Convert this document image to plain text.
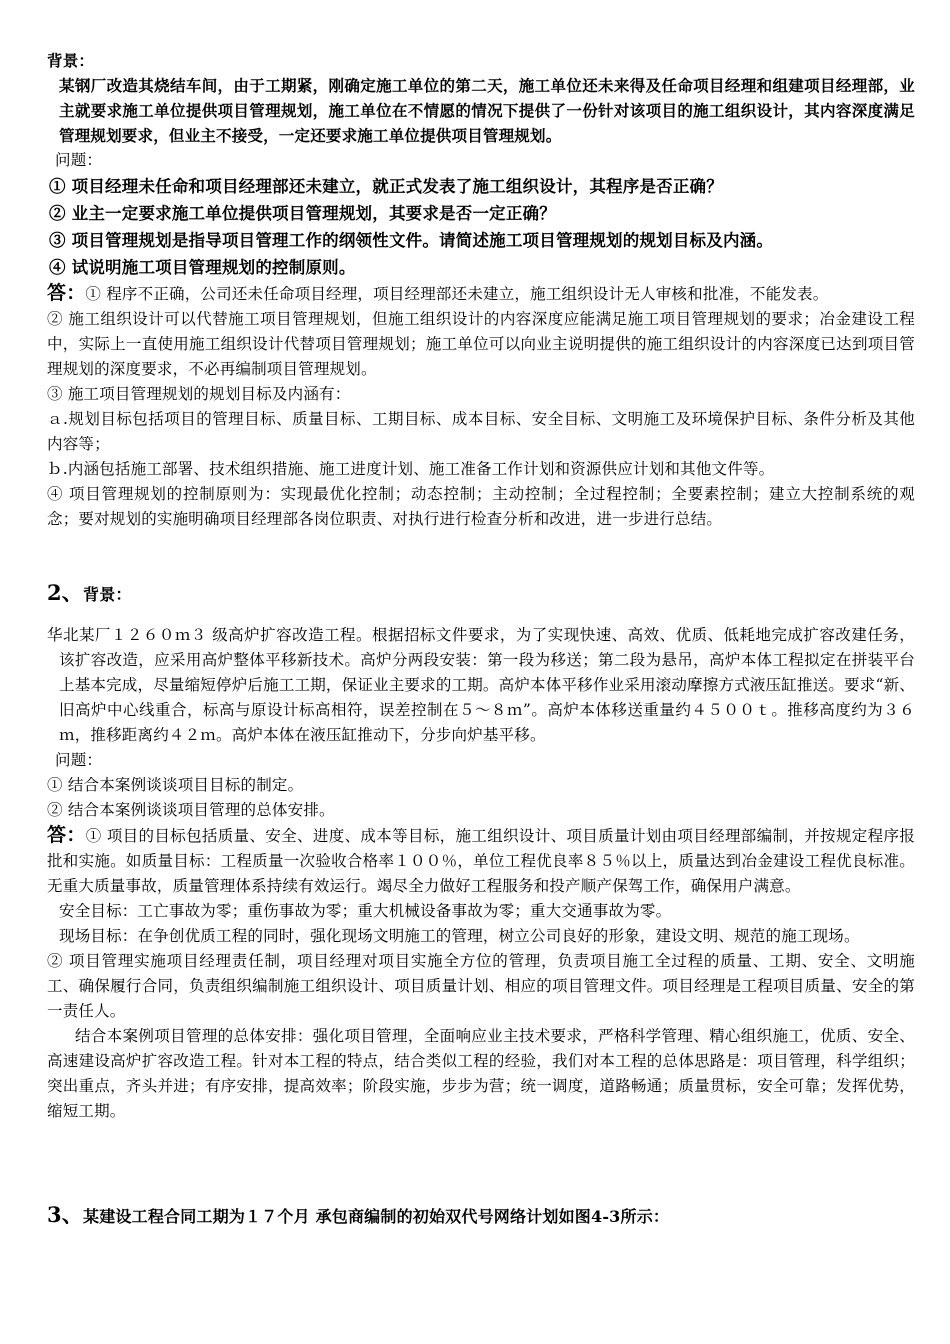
背景：

某钢厂改造其烧结车间，由于工期紧，刚确定施工单位的第二天，施工单位还未来得及任命项目经理和组建项目经理部，业主就要求施工单位提供项目管理规划，施工单位在不情愿的情况下提供了一份针对该项目的施工组织设计，其内容深度满足管理规划要求，但业主不接受，一定还要求施工单位提供项目管理规划。

问题：

① 项目经理未任命和项目经理部还未建立，就正式发表了施工组织设计，其程序是否正确？

② 业主一定要求施工单位提供项目管理规划，其要求是否一定正确？

③ 项目管理规划是指导项目管理工作的纲领性文件。请简述施工项目管理规划的规划目标及内涵。

④ 试说明施工项目管理规划的控制原则。

答：① 程序不正确，公司还未任命项目经理，项目经理部还未建立，施工组织设计无人审核和批准，不能发表。

② 施工组织设计可以代替施工项目管理规划，但施工组织设计的内容深度应能满足施工项目管理规划的要求；冶金建设工程中，实际上一直使用施工组织设计代替项目管理规划；施工单位可以向业主说明提供的施工组织设计的内容深度已达到项目管理规划的深度要求，不必再编制项目管理规划。

③ 施工项目管理规划的规划目标及内涵有：

ａ.规划目标包括项目的管理目标、质量目标、工期目标、成本目标、安全目标、文明施工及环境保护目标、条件分析及其他内容等；

ｂ.内涵包括施工部署、技术组织措施、施工进度计划、施工准备工作计划和资源供应计划和其他文件等。

④ 项目管理规划的控制原则为：实现最优化控制；动态控制；主动控制；全过程控制；全要素控制；建立大控制系统的观念；要对规划的实施明确项目经理部各岗位职责、对执行进行检查分析和改进，进一步进行总结。

2、背景：

华北某厂１２６０ｍ３ 级高炉扩容改造工程。根据招标文件要求，为了实现快速、高效、优质、低耗地完成扩容改建任务，该扩容改造，应采用高炉整体平移新技术。高炉分两段安装：第一段为移送；第二段为悬吊，高炉本体工程拟定在拼装平台上基本完成，尽量缩短停炉后施工工期，保证业主要求的工期。高炉本体平移作业采用滚动摩擦方式液压缸推送。要求“新、旧高炉中心线重合，标高与原设计标高相符，误差控制在５～８ｍ”。高炉本体移送重量约４５００ｔ。推移高度约为３６ｍ，推移距离约４２ｍ。高炉本体在液压缸推动下，分步向炉基平移。

问题：

① 结合本案例谈谈项目目标的制定。

② 结合本案例谈谈项目管理的总体安排。

答：① 项目的目标包括质量、安全、进度、成本等目标，施工组织设计、项目质量计划由项目经理部编制，并按规定程序报批和实施。如质量目标：工程质量一次验收合格率１００％，单位工程优良率８５％以上，质量达到冶金建设工程优良标准。无重大质量事故，质量管理体系持续有效运行。竭尽全力做好工程服务和投产顺产保驾工作，确保用户满意。

安全目标：工亡事故为零；重伤事故为零；重大机械设备事故为零；重大交通事故为零。

现场目标：在争创优质工程的同时，强化现场文明施工的管理，树立公司良好的形象，建设文明、规范的施工现场。

② 项目管理实施项目经理责任制，项目经理对项目实施全方位的管理，负责项目施工全过程的质量、工期、安全、文明施工、确保履行合同，负责组织编制施工组织设计、项目质量计划、相应的项目管理文件。项目经理是工程项目质量、安全的第一责任人。

结合本案例项目管理的总体安排：强化项目管理，全面响应业主技术要求，严格科学管理、精心组织施工，优质、安全、高速建设高炉扩容改造工程。针对本工程的特点，结合类似工程的经验，我们对本工程的总体思路是：项目管理，科学组织；突出重点，齐头并进；有序安排，提高效率；阶段实施，步步为营；统一调度，道路畅通；质量贯标，安全可靠；发挥优势，缩短工期。

3、某建设工程合同工期为１７个月 承包商编制的初始双代号网络计划如图4-3所示：
